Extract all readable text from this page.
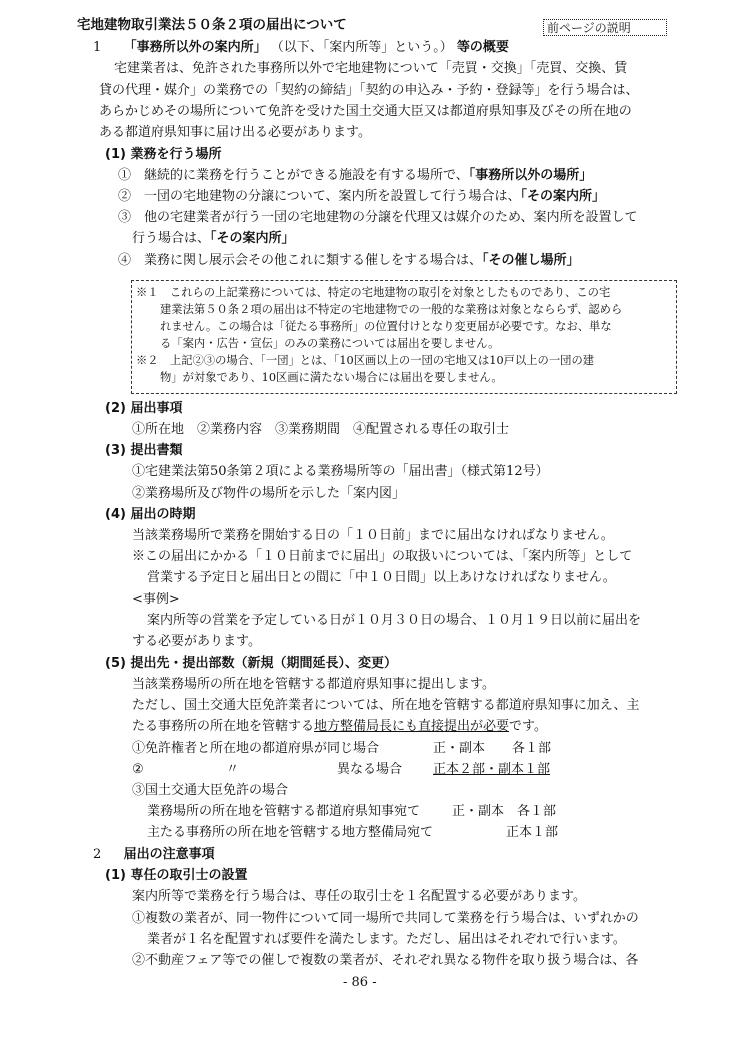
宅地建物取引業法５０条２項の届出について	前ページの説明
1 「事務所以外の案内所」 （以下、「案内所等」という。） 等の概要
宅建業者は、免許された事務所以外で宅地建物について「売買・交換」「売買、交換、賃
貸の代理・媒介」の業務での「契約の締結」「契約の申込み・予約・登録等」を行う場合は、
あらかじめその場所について免許を受けた国土交通大臣又は都道府県知事及びその所在地の
ある都道府県知事に届け出る必要があります。
(1) 業務を行う場所
①　継続的に業務を行うことができる施設を有する場所で、「事務所以外の場所」
②　一団の宅地建物の分譲について、案内所を設置して行う場合は、「その案内所」
③　他の宅建業者が行う一団の宅地建物の分譲を代理又は媒介のため、案内所を設置して
行う場合は、「その案内所」
④　業務に関し展示会その他これに類する催しをする場合は、「その催し場所」
※１　これらの上記業務については、特定の宅地建物の取引を対象としたものであり、この宅
建業法第５０条２項の届出は不特定の宅地建物での一般的な業務は対象となららず、認めら
れません。この場合は「従たる事務所」の位置付けとなり変更届が必要です。なお、単な
る「案内・広告・宣伝」のみの業務については届出を要しません。
※２　上記②③の場合、「一団」とは、「10区画以上の一団の宅地又は10戸以上の一団の建
物」が対象であり、10区画に満たない場合には届出を要しません。
(2) 届出事項
①所在地　②業務内容　③業務期間　④配置される専任の取引士
(3) 提出書類
①宅建業法第50条第２項による業務場所等の「届出書」（様式第12号）
②業務場所及び物件の場所を示した「案内図」
(4) 届出の時期
当該業務場所で業務を開始する日の「１０日前」までに届出なければなりません。
※この届出にかかる「１０日前までに届出」の取扱いについては、「案内所等」として
営業する予定日と届出日との間に「中１０日間」以上あけなければなりません。
<事例>
案内所等の営業を予定している日が１０月３０日の場合、１０月１９日以前に届出を
する必要があります。
(5) 提出先・提出部数（新規（期間延長）、変更）
当該業務場所の所在地を管轄する都道府県知事に提出します。
ただし、国土交通大臣免許業者については、所在地を管轄する都道府県知事に加え、主
たる事務所の所在地を管轄する地方整備局長にも直接提出が必要です。
①免許権者と所在地の都道府県が同じ場合	正・副本 各１部
②	〃	異なる場合 正本２部・副本１部
③国土交通大臣免許の場合
業務場所の所在地を管轄する都道府県知事宛て 正・副本 各１部
主たる事務所の所在地を管轄する地方整備局宛て	正本１部
2 届出の注意事項
(1) 専任の取引士の設置
案内所等で業務を行う場合は、専任の取引士を１名配置する必要があります。
①複数の業者が、同一物件について同一場所で共同して業務を行う場合は、いずれかの
業者が１名を配置すれば要件を満たします。ただし、届出はそれぞれで行います。
②不動産フェア等での催しで複数の業者が、それぞれ異なる物件を取り扱う場合は、各
- 86 -
